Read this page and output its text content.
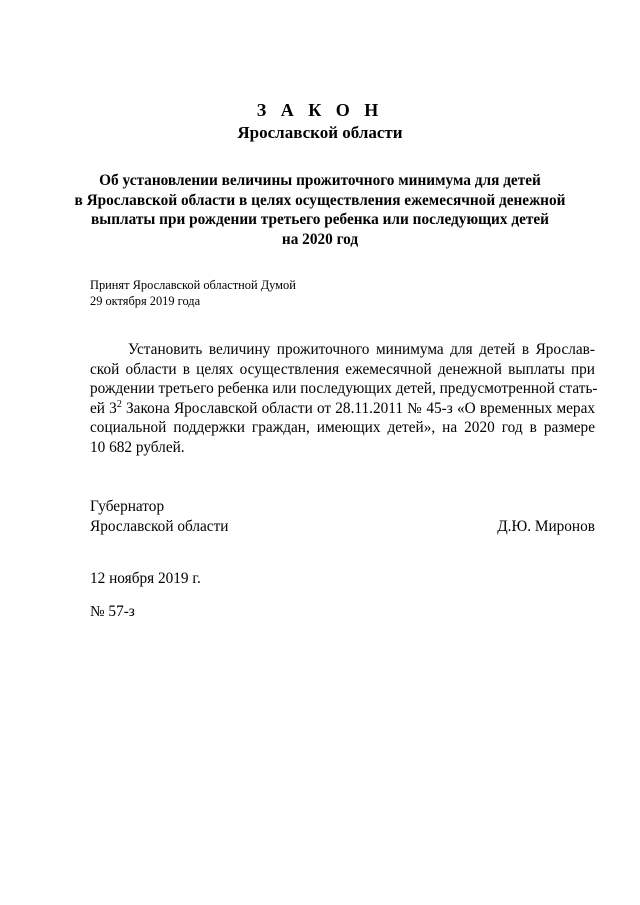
З А К О Н
Ярославской области
Об установлении величины прожиточного минимума для детей
в Ярославской области в целях осуществления ежемесячной денежной
выплаты при рождении третьего ребенка или последующих детей
на 2020 год
Принят Ярославской областной Думой
29 октября 2019 года
Установить величину прожиточного минимума для детей в Ярослав-
ской области в целях осуществления ежемесячной денежной выплаты при
рождении третьего ребенка или последующих детей, предусмотренной стать-
ей $3^2$ Закона Ярославской области от 28.11.2011 № 45-з «О временных мерах
социальной поддержки граждан, имеющих детей», на 2020 год в размере
10 682 рублей.
Губернатор
Ярославской области	Д.Ю. Миронов
12 ноября 2019 г.
№ 57-з
